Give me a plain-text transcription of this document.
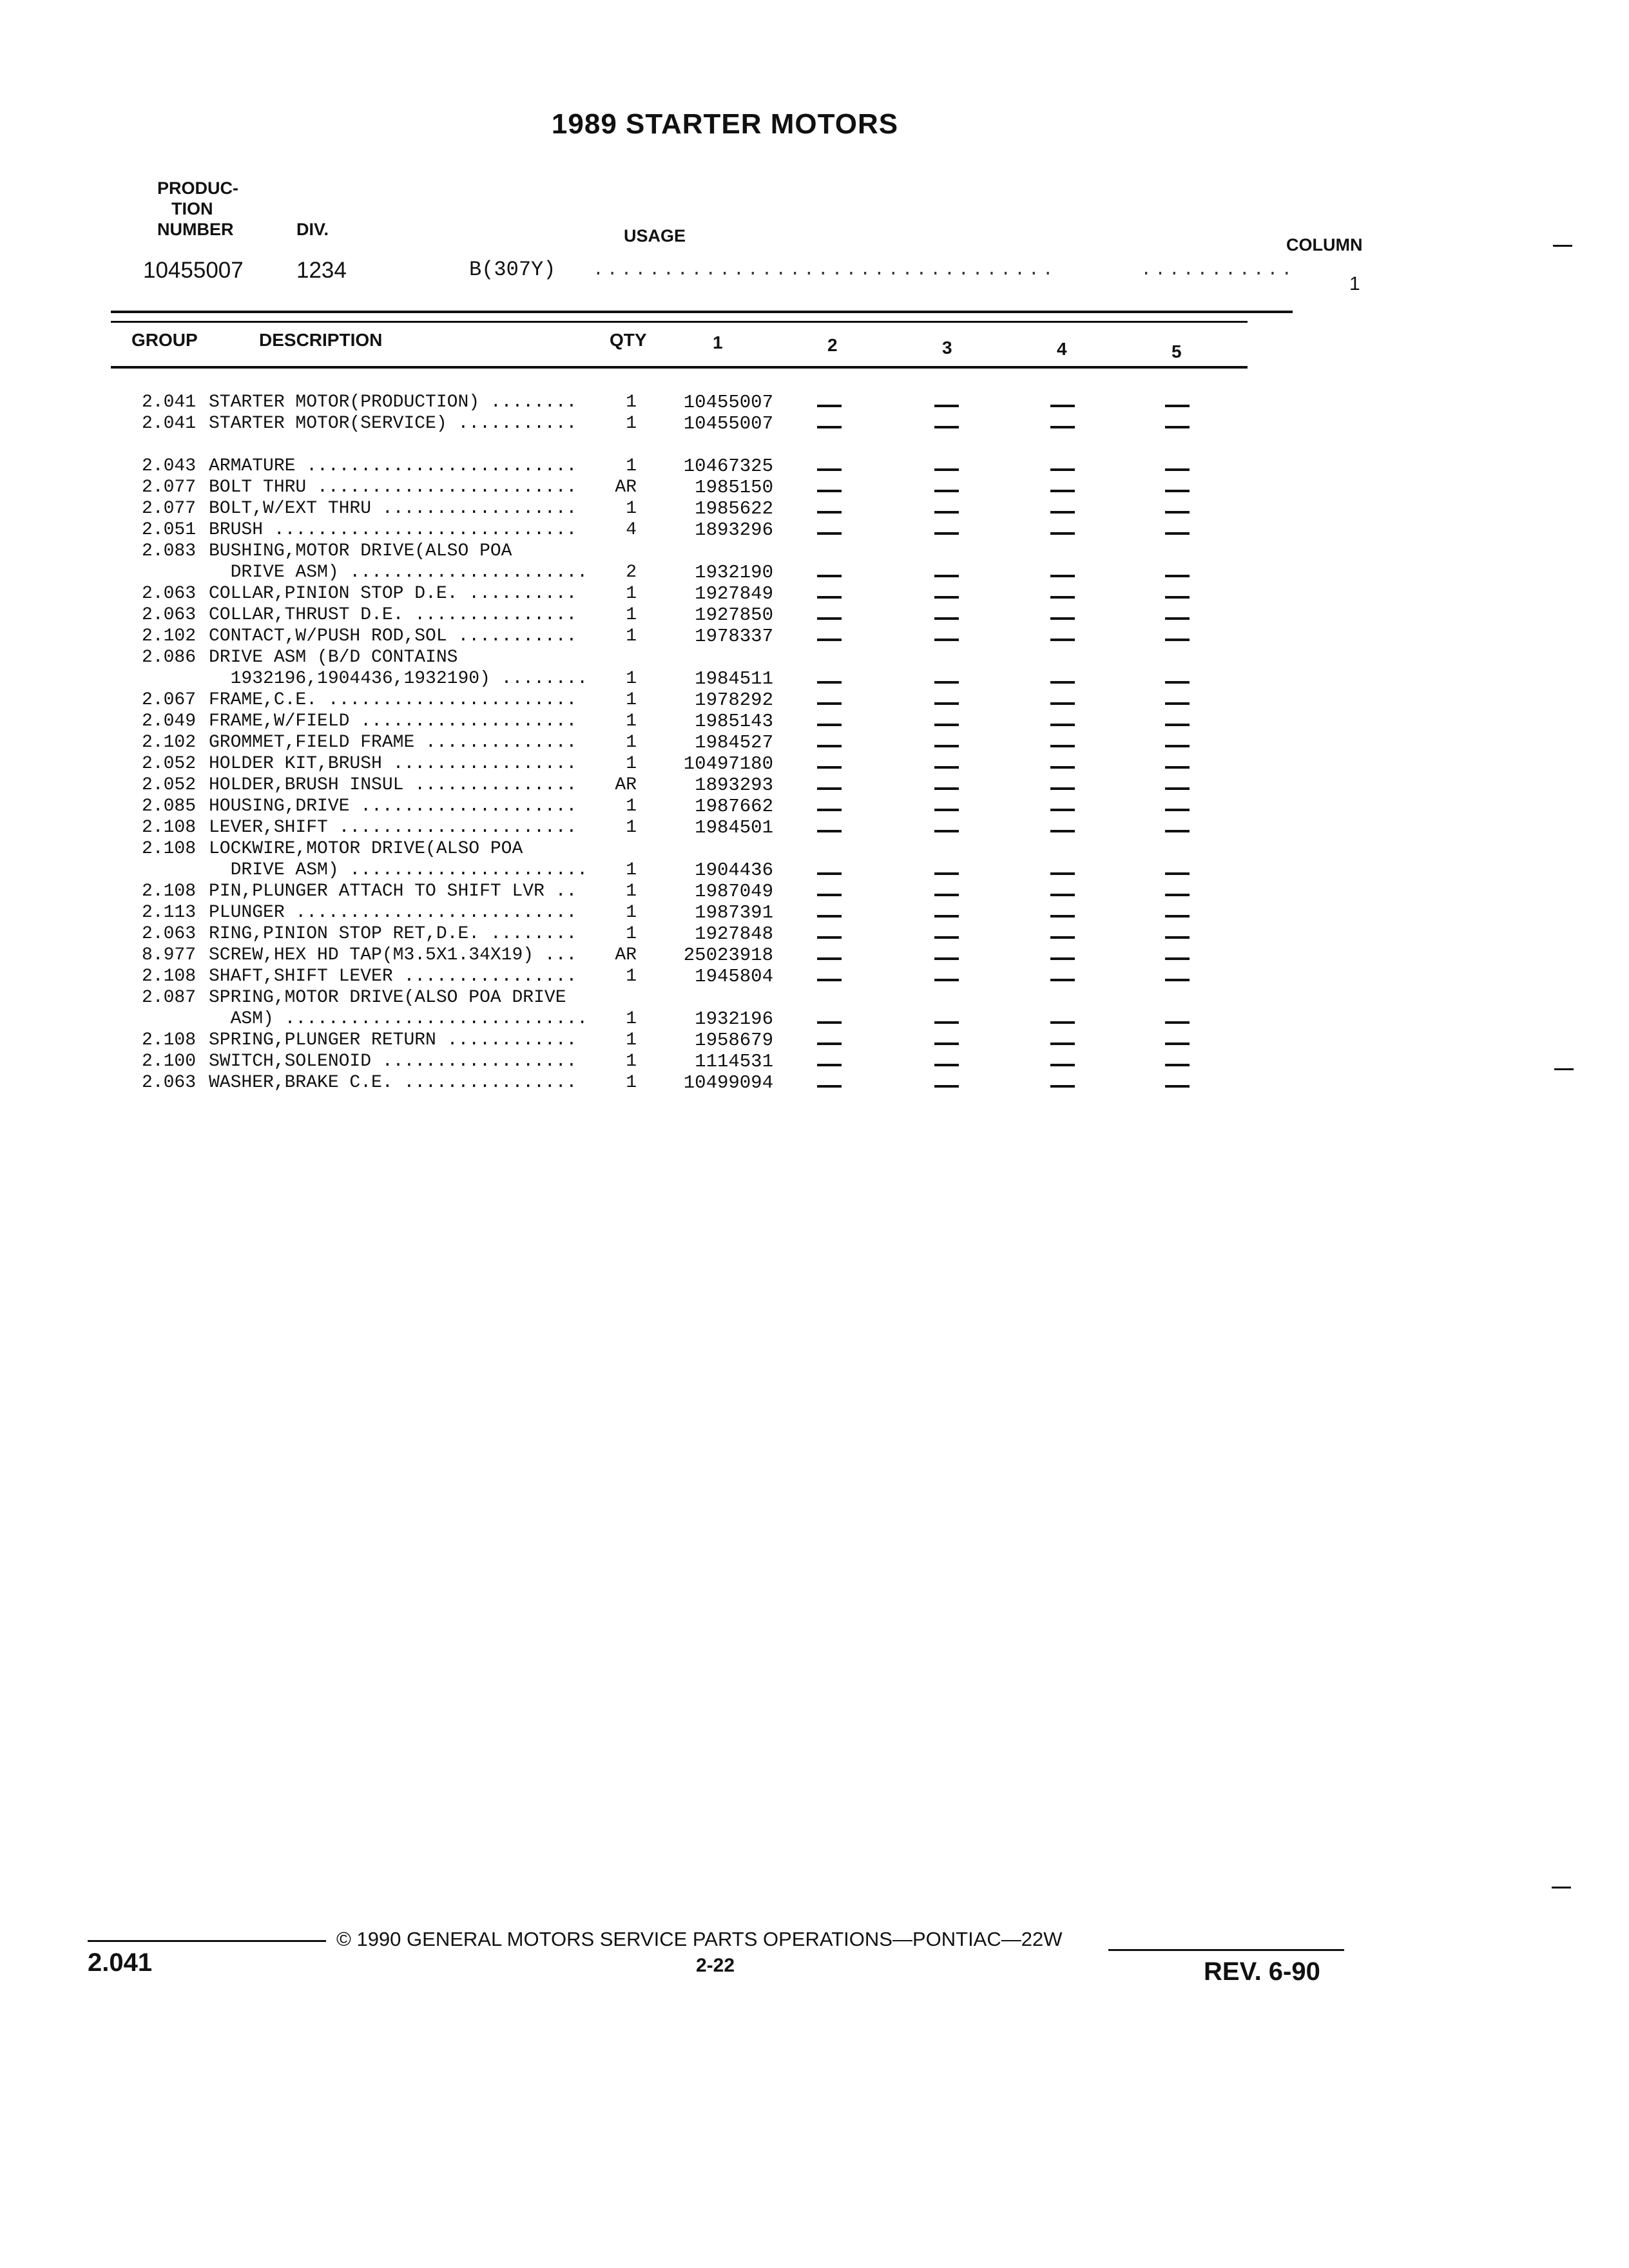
1989 STARTER MOTORS
PRODUC-
TION
NUMBER	DIV.	USAGE	COLUMN
10455007 1234	B(307Y) .................................      ...........
1
GROUP	DESCRIPTION	QTY	1	2	3	4	5
2.041 STARTER MOTOR(PRODUCTION) ........	1	10455007
2.041 STARTER MOTOR(SERVICE) ...........	1	10455007
2.043 ARMATURE .........................	1	10467325
2.077 BOLT THRU ........................	AR	1985150
2.077 BOLT,W/EXT THRU ..................	1	1985622
2.051 BRUSH ............................	4	1893296
2.083 BUSHING,MOTOR DRIVE(ALSO POA
DRIVE ASM) ......................	2	1932190
2.063 COLLAR,PINION STOP D.E. ..........	1	1927849
2.063 COLLAR,THRUST D.E. ...............	1	1927850
2.102 CONTACT,W/PUSH ROD,SOL ...........	1	1978337
2.086 DRIVE ASM (B/D CONTAINS
1932196,1904436,1932190) ........	1	1984511
2.067 FRAME,C.E. .......................	1	1978292
2.049 FRAME,W/FIELD ....................	1	1985143
2.102 GROMMET,FIELD FRAME ..............	1	1984527
2.052 HOLDER KIT,BRUSH .................	1	10497180
2.052 HOLDER,BRUSH INSUL ...............	AR	1893293
2.085 HOUSING,DRIVE ....................	1	1987662
2.108 LEVER,SHIFT ......................	1	1984501
2.108 LOCKWIRE,MOTOR DRIVE(ALSO POA
DRIVE ASM) ......................	1	1904436
2.108 PIN,PLUNGER ATTACH TO SHIFT LVR ..	1	1987049
2.113 PLUNGER ..........................	1	1987391
2.063 RING,PINION STOP RET,D.E. ........	1	1927848
8.977 SCREW,HEX HD TAP(M3.5X1.34X19) ...	AR	25023918
2.108 SHAFT,SHIFT LEVER ................	1	1945804
2.087 SPRING,MOTOR DRIVE(ALSO POA DRIVE
ASM) ............................	1	1932196
2.108 SPRING,PLUNGER RETURN ............	1	1958679
2.100 SWITCH,SOLENOID ..................	1	1114531
2.063 WASHER,BRAKE C.E. ................	1	10499094
© 1990 GENERAL MOTORS SERVICE PARTS OPERATIONS—PONTIAC—22W
2.041	2-22	REV. 6-90
